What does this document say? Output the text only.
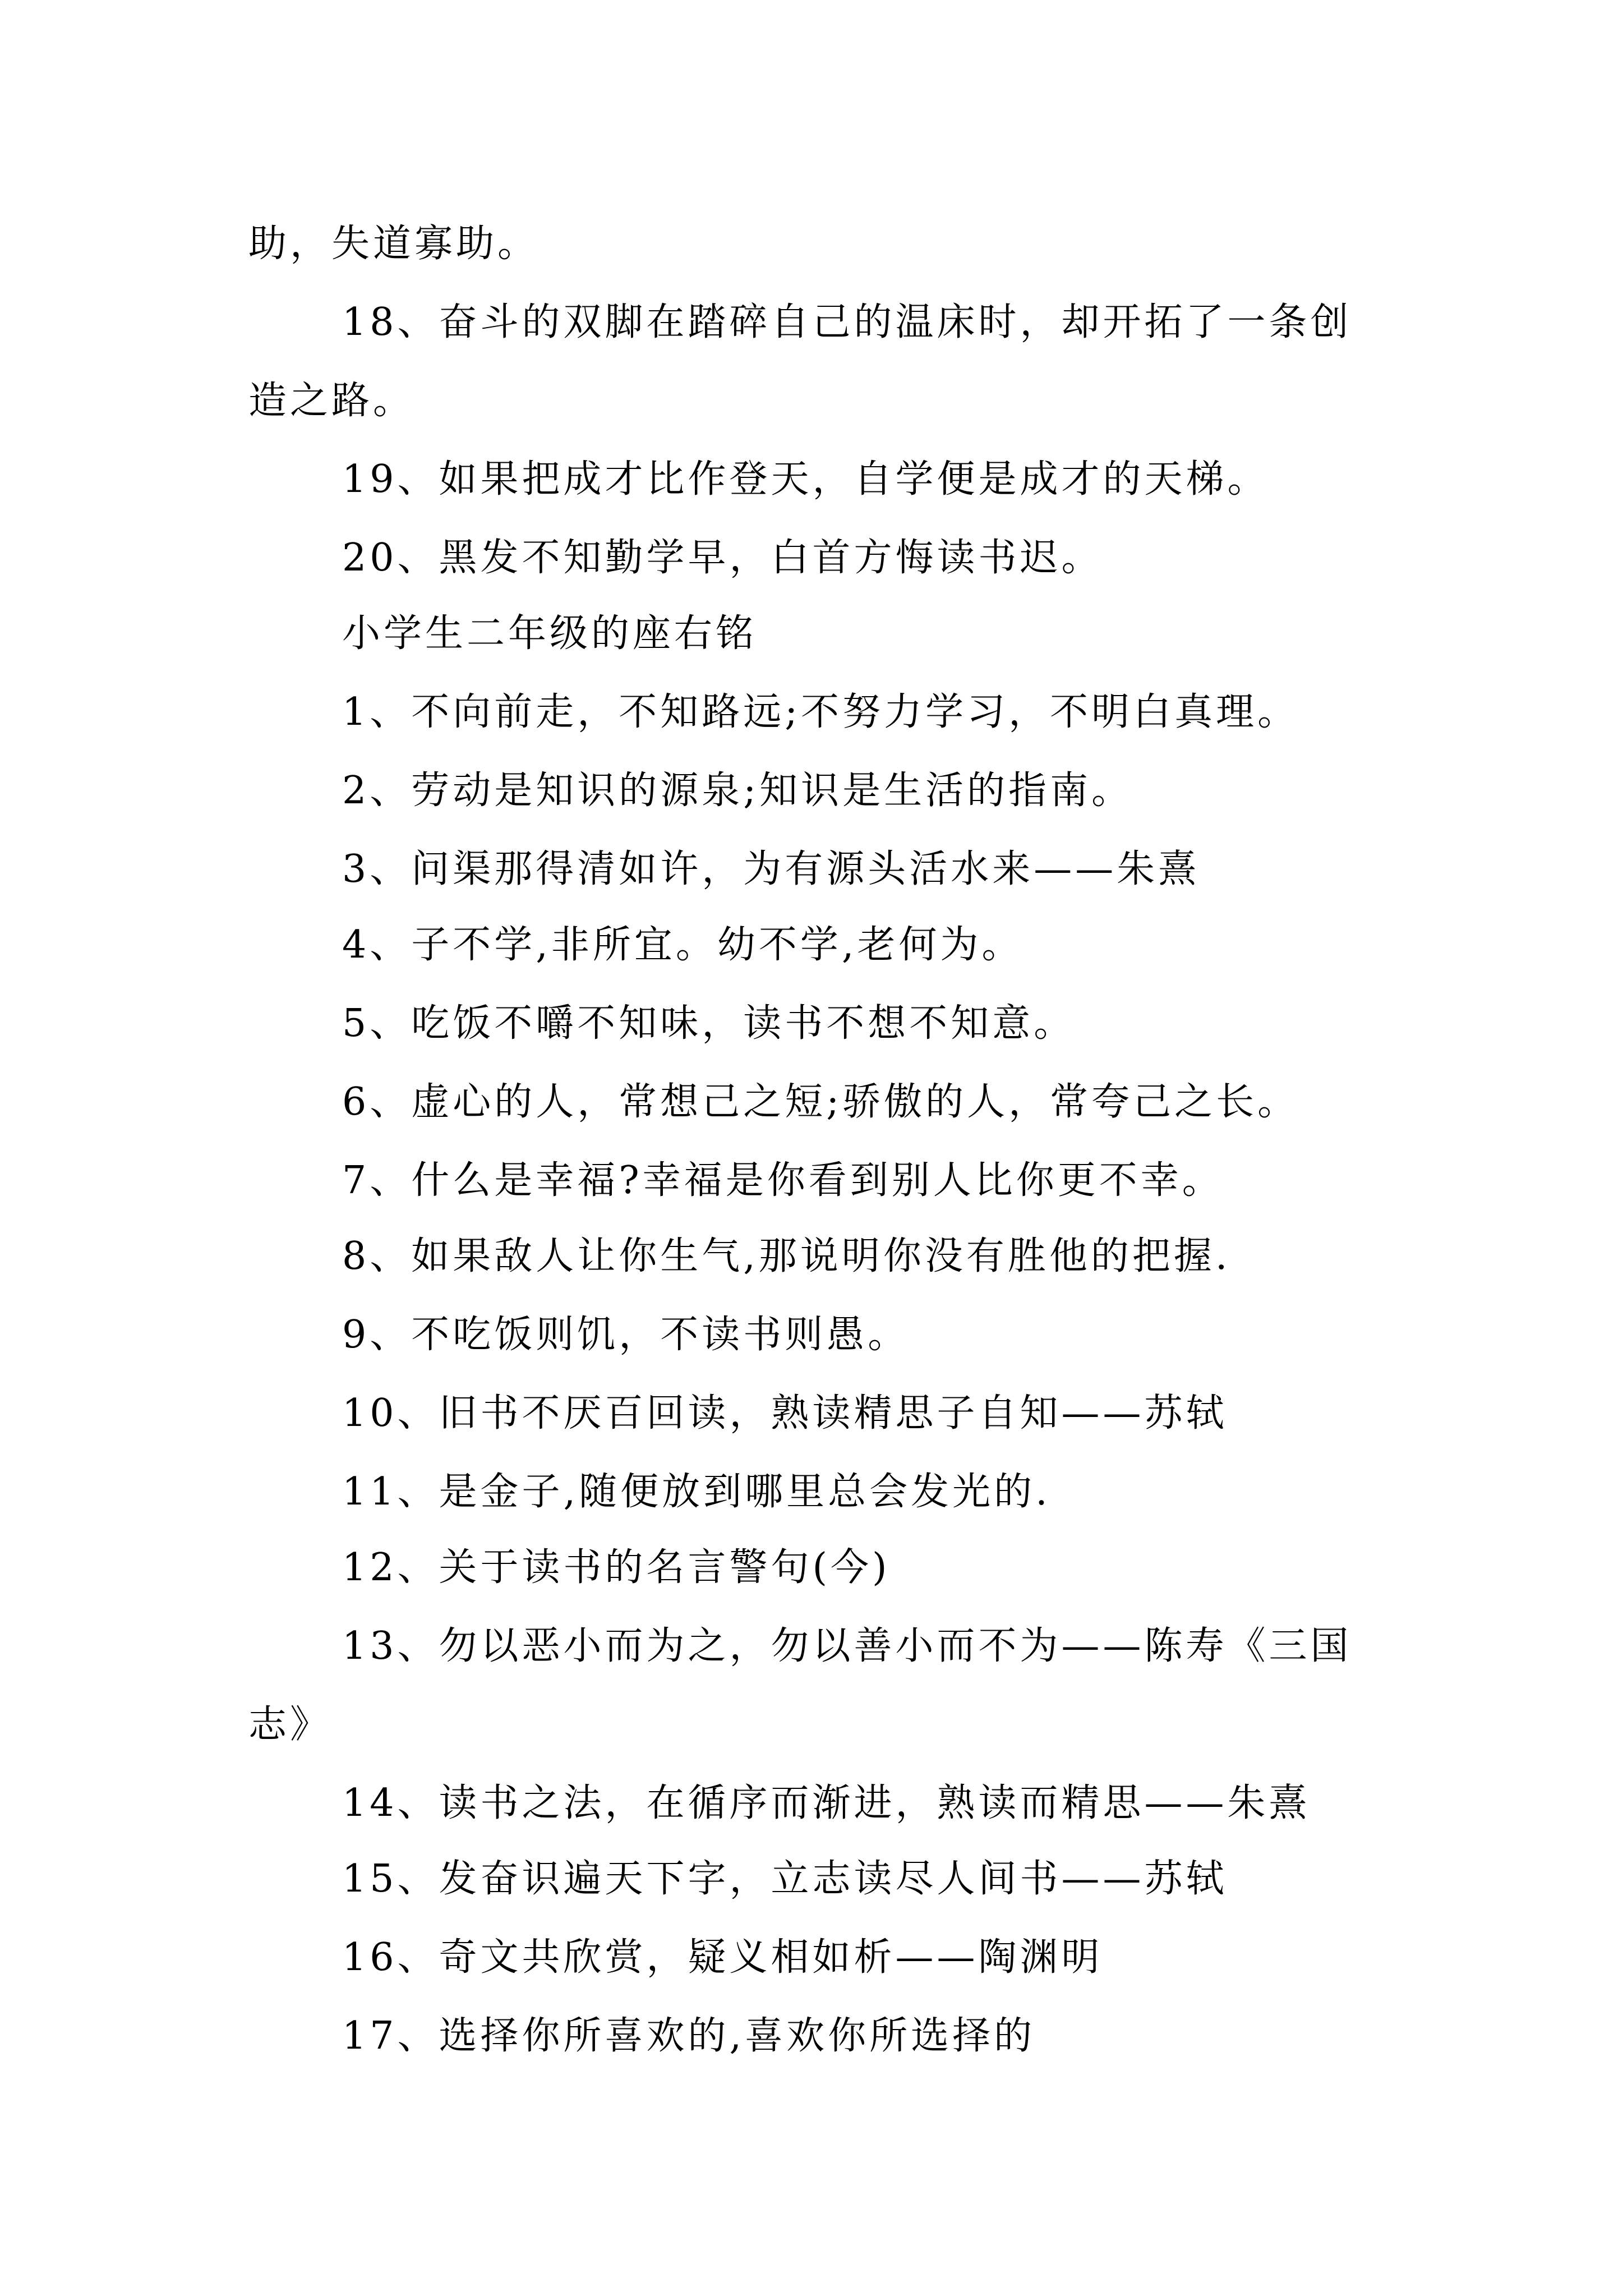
助，失道寡助。
18、奋斗的双脚在踏碎自己的温床时，却开拓了一条创
造之路。
19、如果把成才比作登天，自学便是成才的天梯。
20、黑发不知勤学早，白首方悔读书迟。
小学生二年级的座右铭
1、不向前走，不知路远;不努力学习，不明白真理。
2、劳动是知识的源泉;知识是生活的指南。
3、问渠那得清如许，为有源头活水来——朱熹
4、子不学,非所宜。幼不学,老何为。
5、吃饭不嚼不知味，读书不想不知意。
6、虚心的人，常想己之短;骄傲的人，常夸己之长。
7、什么是幸福?幸福是你看到别人比你更不幸。
8、如果敌人让你生气,那说明你没有胜他的把握.
9、不吃饭则饥，不读书则愚。
10、旧书不厌百回读，熟读精思子自知——苏轼
11、是金子,随便放到哪里总会发光的.
12、关于读书的名言警句(今)
13、勿以恶小而为之，勿以善小而不为——陈寿《三国
志》
14、读书之法，在循序而渐进，熟读而精思——朱熹
15、发奋识遍天下字，立志读尽人间书——苏轼
16、奇文共欣赏，疑义相如析——陶渊明
17、选择你所喜欢的,喜欢你所选择的
